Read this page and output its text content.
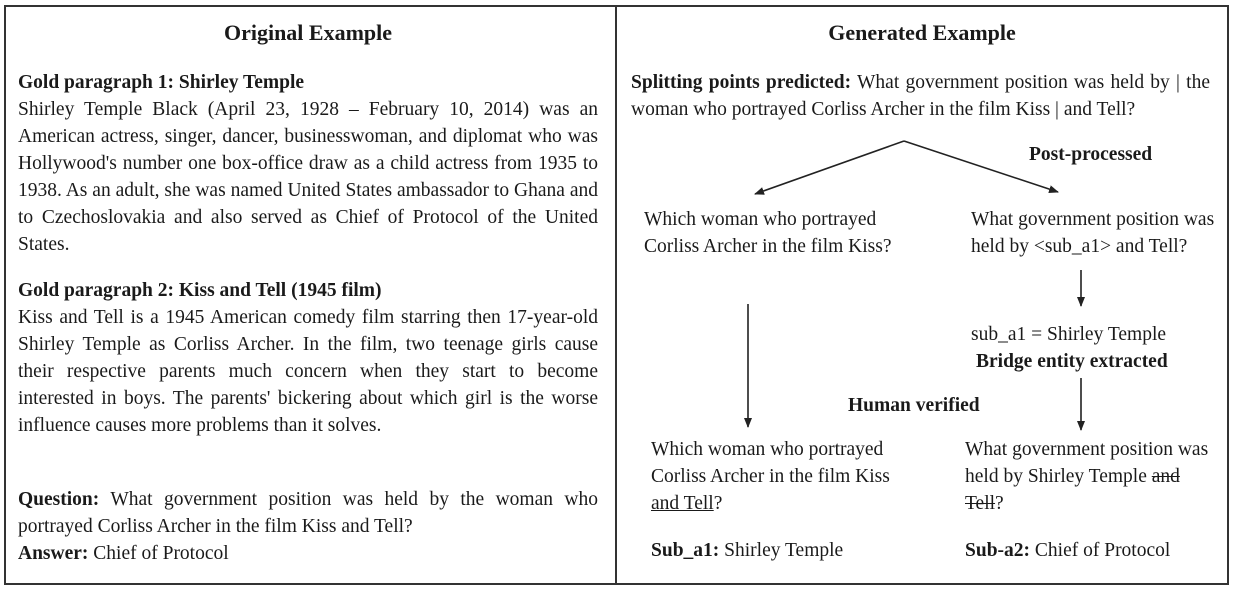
Original Example
Gold paragraph 1: Shirley Temple
Shirley Temple Black (April 23, 1928 – February 10, 2014) was an American actress, singer, dancer, businesswoman, and diplomat who was Hollywood's number one box-office draw as a child actress from 1935 to 1938. As an adult, she was named United States ambassador to Ghana and to Czechoslovakia and also served as Chief of Protocol of the United States.
Gold paragraph 2: Kiss and Tell (1945 film)
Kiss and Tell is a 1945 American comedy film starring then 17-year-old Shirley Temple as Corliss Archer. In the film, two teenage girls cause their respective parents much concern when they start to become interested in boys. The parents' bickering about which girl is the worse influence causes more problems than it solves.
Question: What government position was held by the woman who portrayed Corliss Archer in the film Kiss and Tell?
Answer: Chief of Protocol
Generated Example
Splitting points predicted: What government position was held by | the woman who portrayed Corliss Archer in the film Kiss | and Tell?
Post-processed
Which woman who portrayed Corliss Archer in the film Kiss?
What government position was held by <sub_a1> and Tell?
sub_a1 = Shirley Temple
Bridge entity extracted
Human verified
Which woman who portrayed Corliss Archer in the film Kiss and Tell?
What government position was held by Shirley Temple and Tell?
Sub_a1: Shirley Temple	Sub-a2: Chief of Protocol
